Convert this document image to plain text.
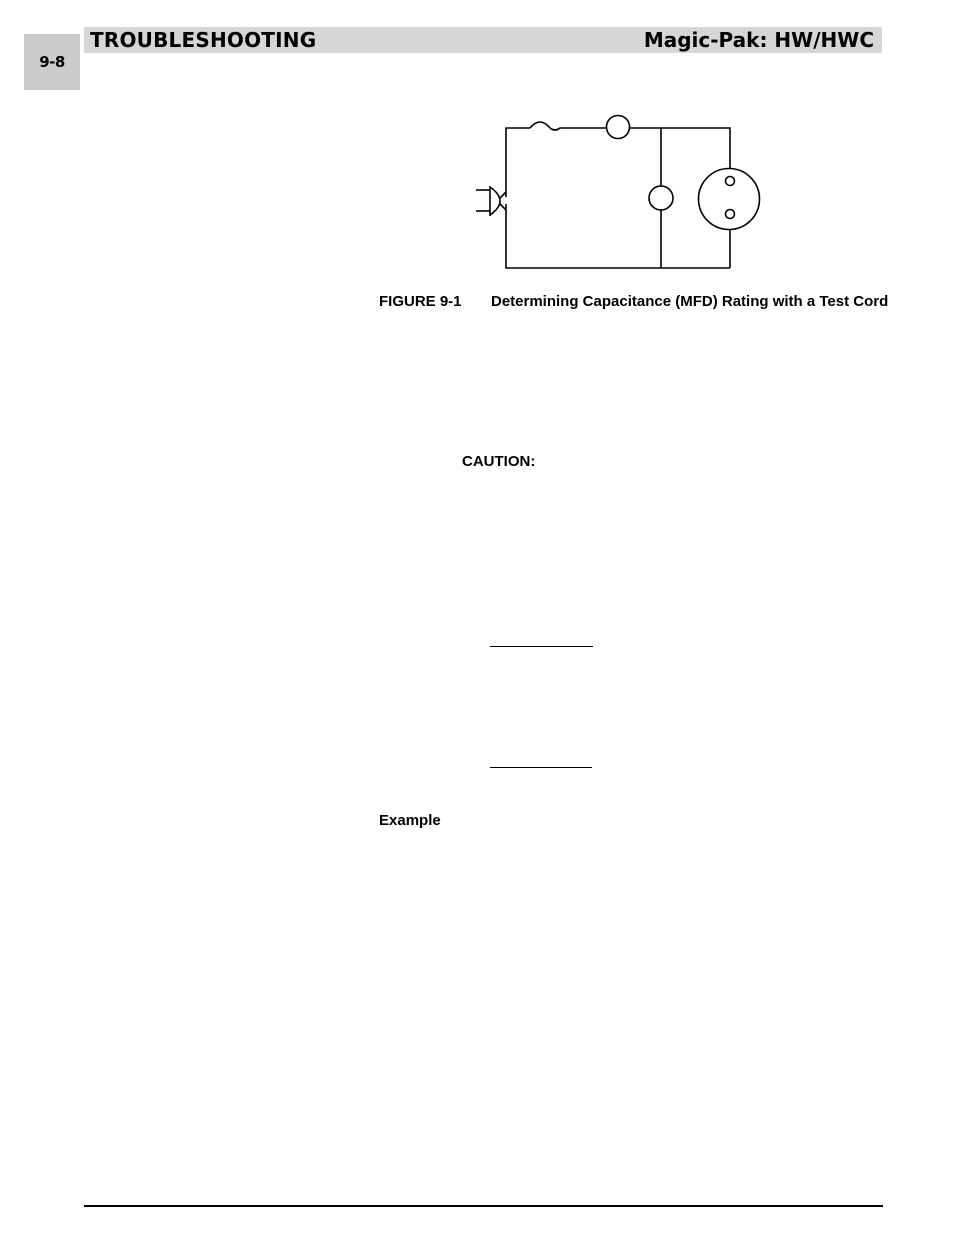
9-8
TROUBLESHOOTING	Magic-Pak: HW/HWC
FIGURE 9-1	Determining Capacitance (MFD) Rating with a Test Cord
CAUTION:
Example
